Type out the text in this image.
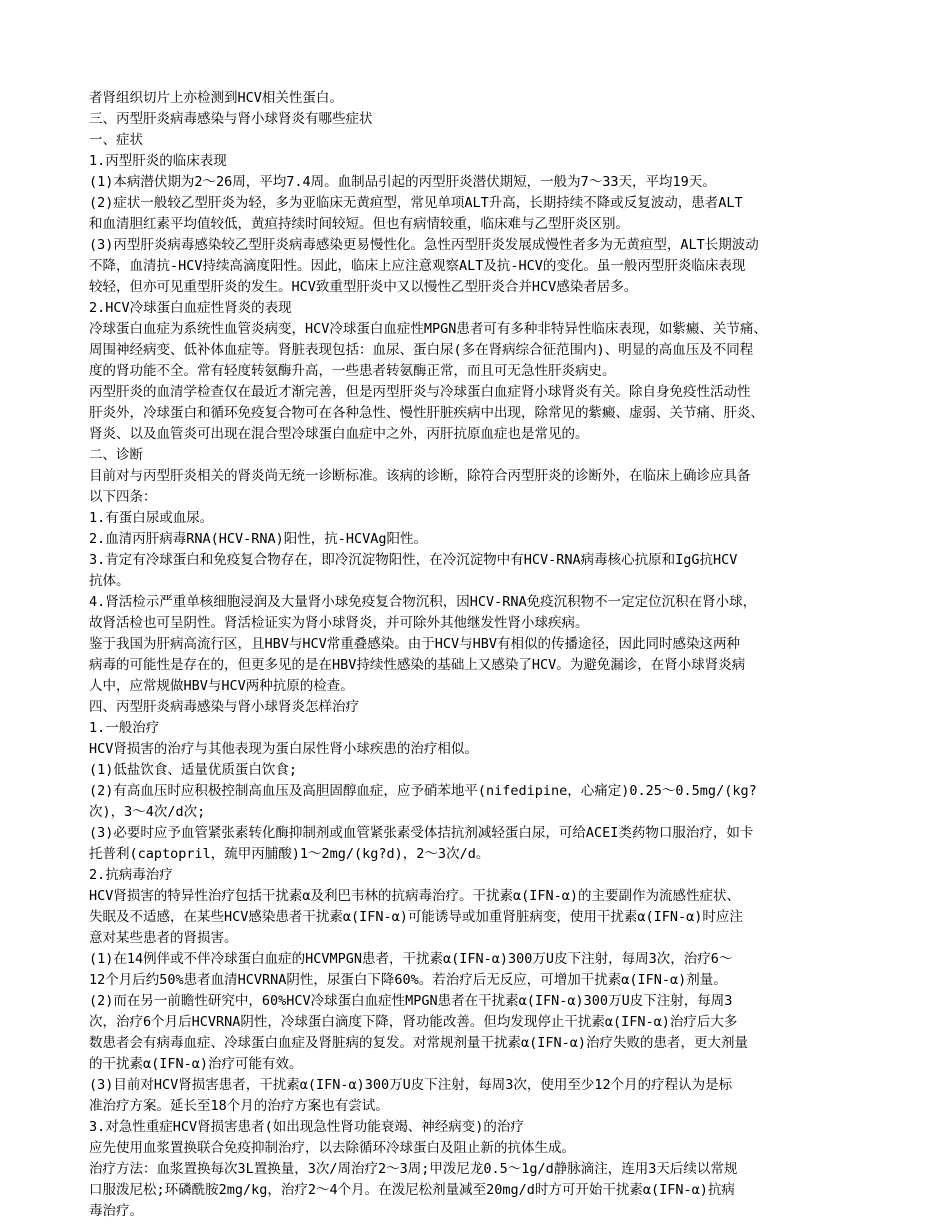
者肾组织切片上亦检测到HCV相关性蛋白。
三、丙型肝炎病毒感染与肾小球肾炎有哪些症状
一、症状
1.丙型肝炎的临床表现
(1)本病潜伏期为2～26周，平均7.4周。血制品引起的丙型肝炎潜伏期短，一般为7～33天，平均19天。
(2)症状一般较乙型肝炎为轻，多为亚临床无黄疸型，常见单项ALT升高，长期持续不降或反复波动，患者ALT
和血清胆红素平均值较低，黄疸持续时间较短。但也有病情较重，临床难与乙型肝炎区别。
(3)丙型肝炎病毒感染较乙型肝炎病毒感染更易慢性化。急性丙型肝炎发展成慢性者多为无黄疸型，ALT长期波动
不降，血清抗-HCV持续高滴度阳性。因此，临床上应注意观察ALT及抗-HCV的变化。虽一般丙型肝炎临床表现
较轻，但亦可见重型肝炎的发生。HCV致重型肝炎中又以慢性乙型肝炎合并HCV感染者居多。
2.HCV冷球蛋白血症性肾炎的表现
冷球蛋白血症为系统性血管炎病变，HCV冷球蛋白血症性MPGN患者可有多种非特异性临床表现，如紫癜、关节痛、
周围神经病变、低补体血症等。肾脏表现包括：血尿、蛋白尿(多在肾病综合征范围内)、明显的高血压及不同程
度的肾功能不全。常有轻度转氨酶升高，一些患者转氨酶正常，而且可无急性肝炎病史。
丙型肝炎的血清学检查仅在最近才渐完善，但是丙型肝炎与冷球蛋白血症肾小球肾炎有关。除自身免疫性活动性
肝炎外，冷球蛋白和循环免疫复合物可在各种急性、慢性肝脏疾病中出现，除常见的紫癜、虚弱、关节痛、肝炎、
肾炎、以及血管炎可出现在混合型冷球蛋白血症中之外，丙肝抗原血症也是常见的。
二、诊断
目前对与丙型肝炎相关的肾炎尚无统一诊断标准。该病的诊断，除符合丙型肝炎的诊断外，在临床上确诊应具备
以下四条：
1.有蛋白尿或血尿。
2.血清丙肝病毒RNA(HCV-RNA)阳性，抗-HCVAg阳性。
3.肯定有冷球蛋白和免疫复合物存在，即冷沉淀物阳性，在冷沉淀物中有HCV-RNA病毒核心抗原和IgG抗HCV
抗体。
4.肾活检示严重单核细胞浸润及大量肾小球免疫复合物沉积，因HCV-RNA免疫沉积物不一定定位沉积在肾小球，
故肾活检也可呈阴性。肾活检证实为肾小球肾炎，并可除外其他继发性肾小球疾病。
鉴于我国为肝病高流行区，且HBV与HCV常重叠感染。由于HCV与HBV有相似的传播途径，因此同时感染这两种
病毒的可能性是存在的，但更多见的是在HBV持续性感染的基础上又感染了HCV。为避免漏诊，在肾小球肾炎病
人中，应常规做HBV与HCV两种抗原的检查。
四、丙型肝炎病毒感染与肾小球肾炎怎样治疗
1.一般治疗
HCV肾损害的治疗与其他表现为蛋白尿性肾小球疾患的治疗相似。
(1)低盐饮食、适量优质蛋白饮食;
(2)有高血压时应积极控制高血压及高胆固醇血症，应予硝苯地平(nifedipine，心痛定)0.25～0.5mg/(kg?
次)，3～4次/d次;
(3)必要时应予血管紧张素转化酶抑制剂或血管紧张素受体拮抗剂减轻蛋白尿，可给ACEI类药物口服治疗，如卡
托普利(captopril，巯甲丙脯酸)1～2mg/(kg?d)，2～3次/d。
2.抗病毒治疗
HCV肾损害的特异性治疗包括干扰素α及利巴韦林的抗病毒治疗。干扰素α(IFN-α)的主要副作为流感性症状、
失眠及不适感，在某些HCV感染患者干扰素α(IFN-α)可能诱导或加重肾脏病变，使用干扰素α(IFN-α)时应注
意对某些患者的肾损害。
(1)在14例伴或不伴冷球蛋白血症的HCVMPGN患者，干扰素α(IFN-α)300万U皮下注射，每周3次，治疗6～
12个月后约50%患者血清HCVRNA阴性，尿蛋白下降60%。若治疗后无反应，可增加干扰素α(IFN-α)剂量。
(2)而在另一前瞻性研究中，60%HCV冷球蛋白血症性MPGN患者在干扰素α(IFN-α)300万U皮下注射，每周3
次，治疗6个月后HCVRNA阴性，冷球蛋白滴度下降，肾功能改善。但均发现停止干扰素α(IFN-α)治疗后大多
数患者会有病毒血症、冷球蛋白血症及肾脏病的复发。对常规剂量干扰素α(IFN-α)治疗失败的患者，更大剂量
的干扰素α(IFN-α)治疗可能有效。
(3)目前对HCV肾损害患者，干扰素α(IFN-α)300万U皮下注射，每周3次，使用至少12个月的疗程认为是标
准治疗方案。延长至18个月的治疗方案也有尝试。
3.对急性重症HCV肾损害患者(如出现急性肾功能衰竭、神经病变)的治疗
应先使用血浆置换联合免疫抑制治疗，以去除循环冷球蛋白及阻止新的抗体生成。
治疗方法：血浆置换每次3L置换量，3次/周治疗2～3周;甲泼尼龙0.5～1g/d静脉滴注，连用3天后续以常规
口服泼尼松;环磷酰胺2mg/kg，治疗2～4个月。在泼尼松剂量减至20mg/d时方可开始干扰素α(IFN-α)抗病
毒治疗。
